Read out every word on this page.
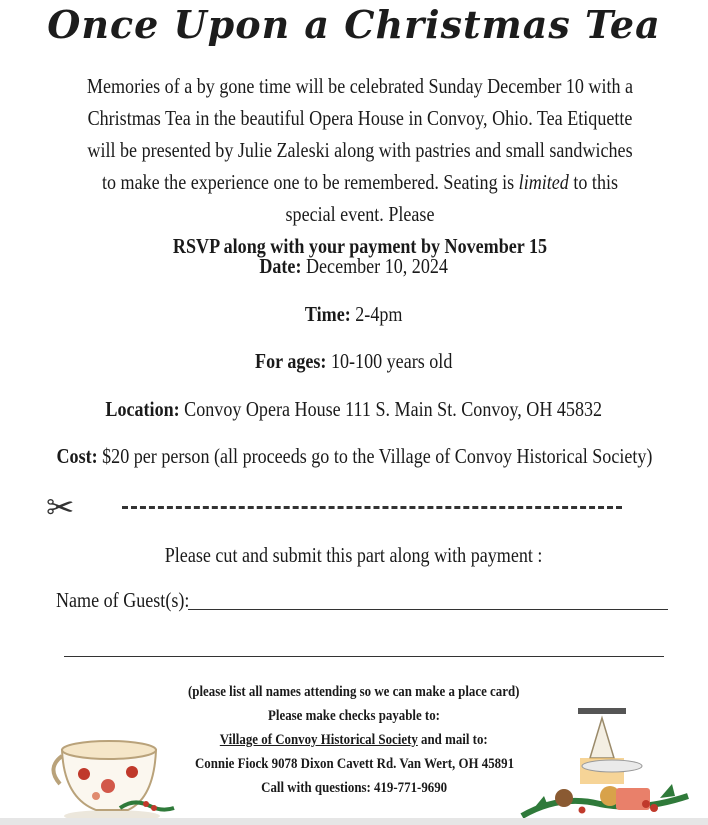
Once Upon a Christmas Tea
Memories of a by gone time will be celebrated Sunday December 10 with a Christmas Tea in the beautiful Opera House in Convoy, Ohio. Tea Etiquette will be presented by Julie Zaleski along with pastries and small sandwiches to make the experience one to be remembered. Seating is limited to this special event. Please
RSVP along with your payment by November 15
Date: December 10, 2024
Time: 2-4pm
For ages: 10-100 years old
Location: Convoy Opera House 111 S. Main St. Convoy, OH 45832
Cost: $20 per person (all proceeds go to the Village of Convoy Historical Society)
✂
Please cut and submit this part along with payment :
Name of Guest(s):
(please list all names attending so we can make a place card)
Please make checks payable to:
Village of Convoy Historical Society and mail to:
Connie Fiock 9078 Dixon Cavett Rd. Van Wert, OH 45891
Call with questions: 419-771-9690
